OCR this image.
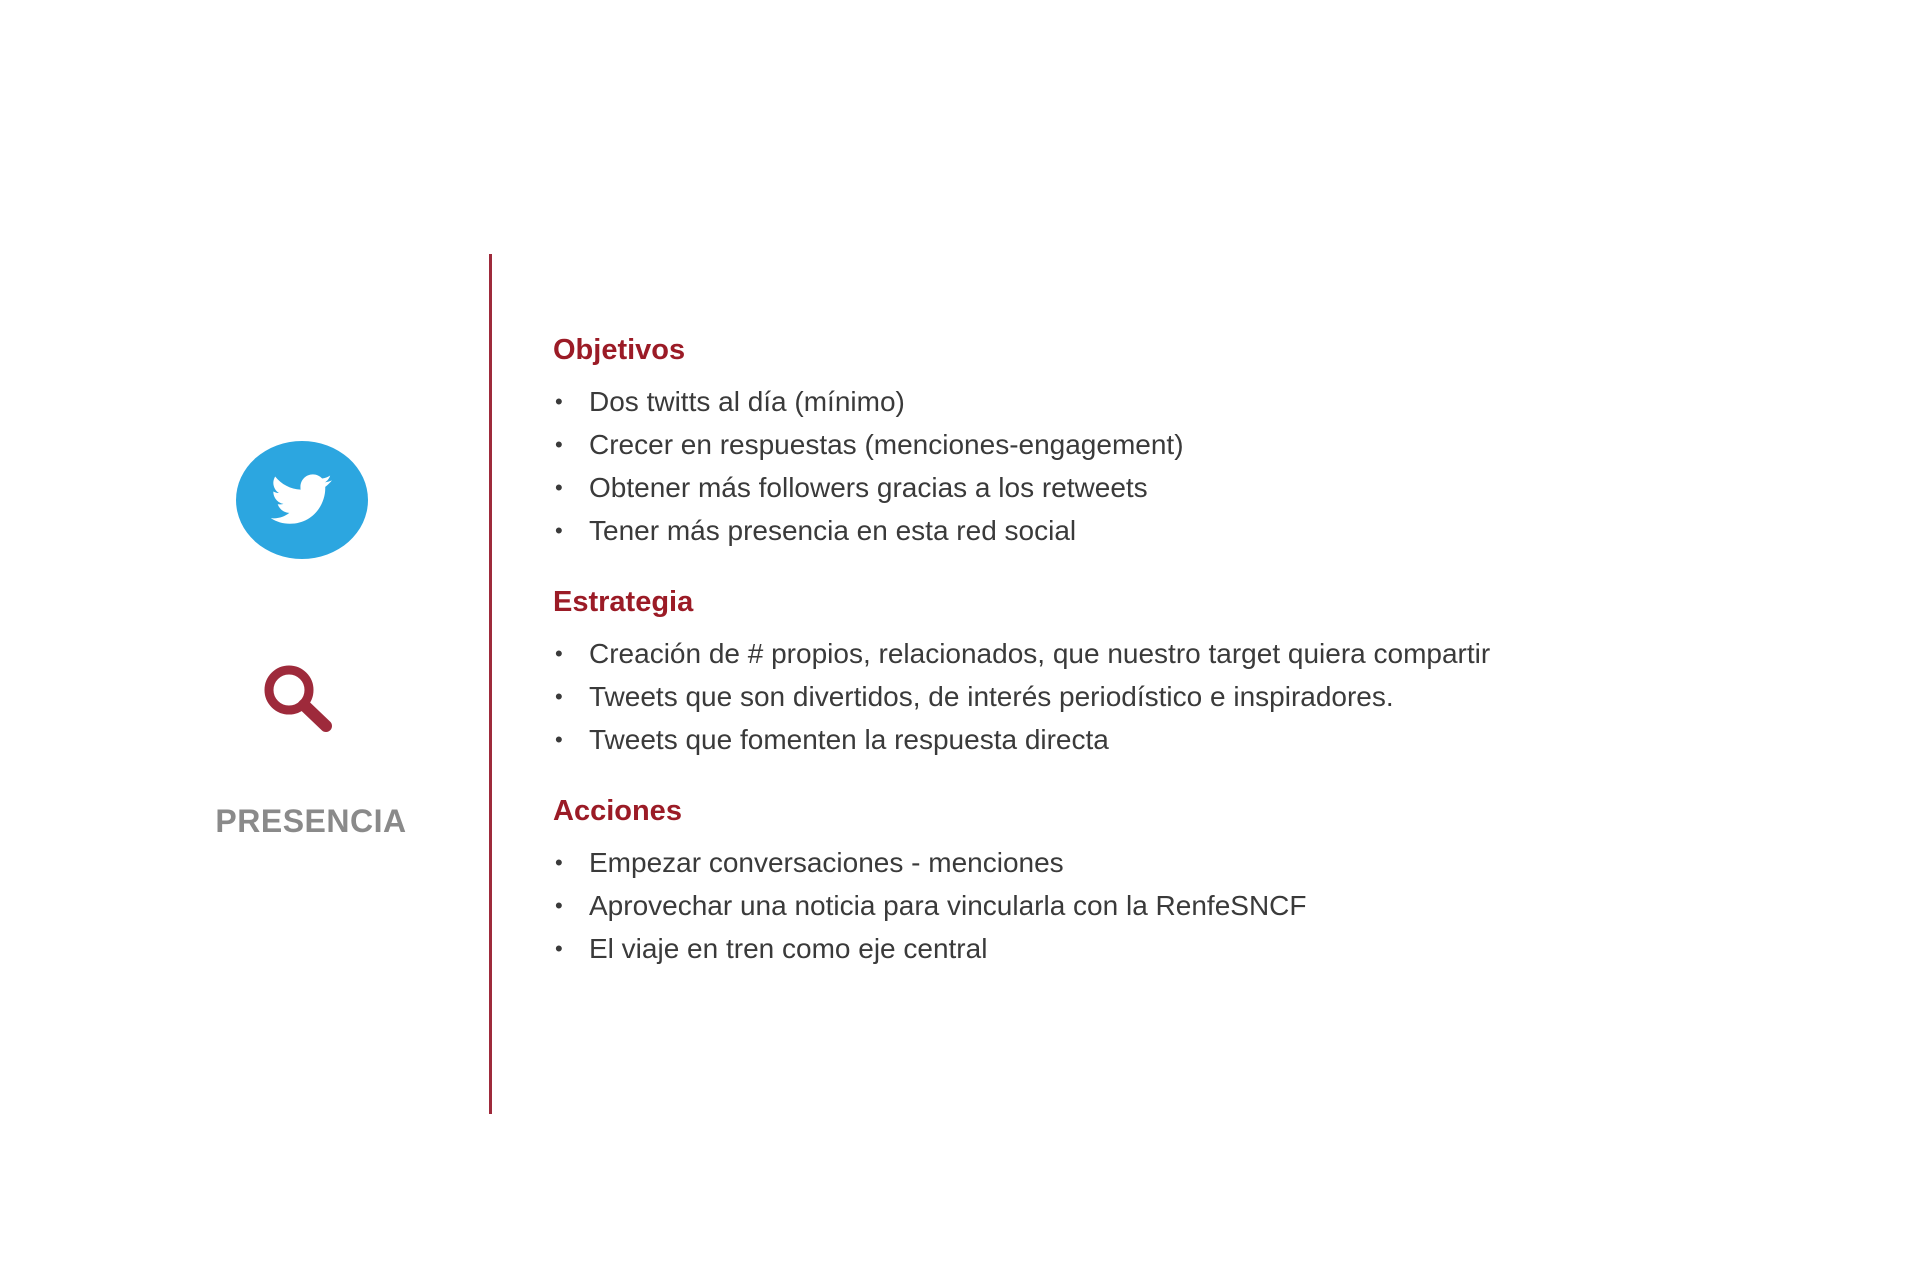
PRESENCIA
Objetivos
• Dos twitts al día (mínimo)
• Crecer en respuestas (menciones-engagement)
• Obtener más followers gracias a los retweets
• Tener más presencia en esta red social
Estrategia
• Creación de # propios, relacionados, que nuestro target quiera compartir
• Tweets que son divertidos, de interés periodístico e inspiradores.
• Tweets que fomenten la respuesta directa
Acciones
• Empezar conversaciones - menciones
• Aprovechar una noticia para vincularla con la RenfeSNCF
• El viaje en tren como eje central
